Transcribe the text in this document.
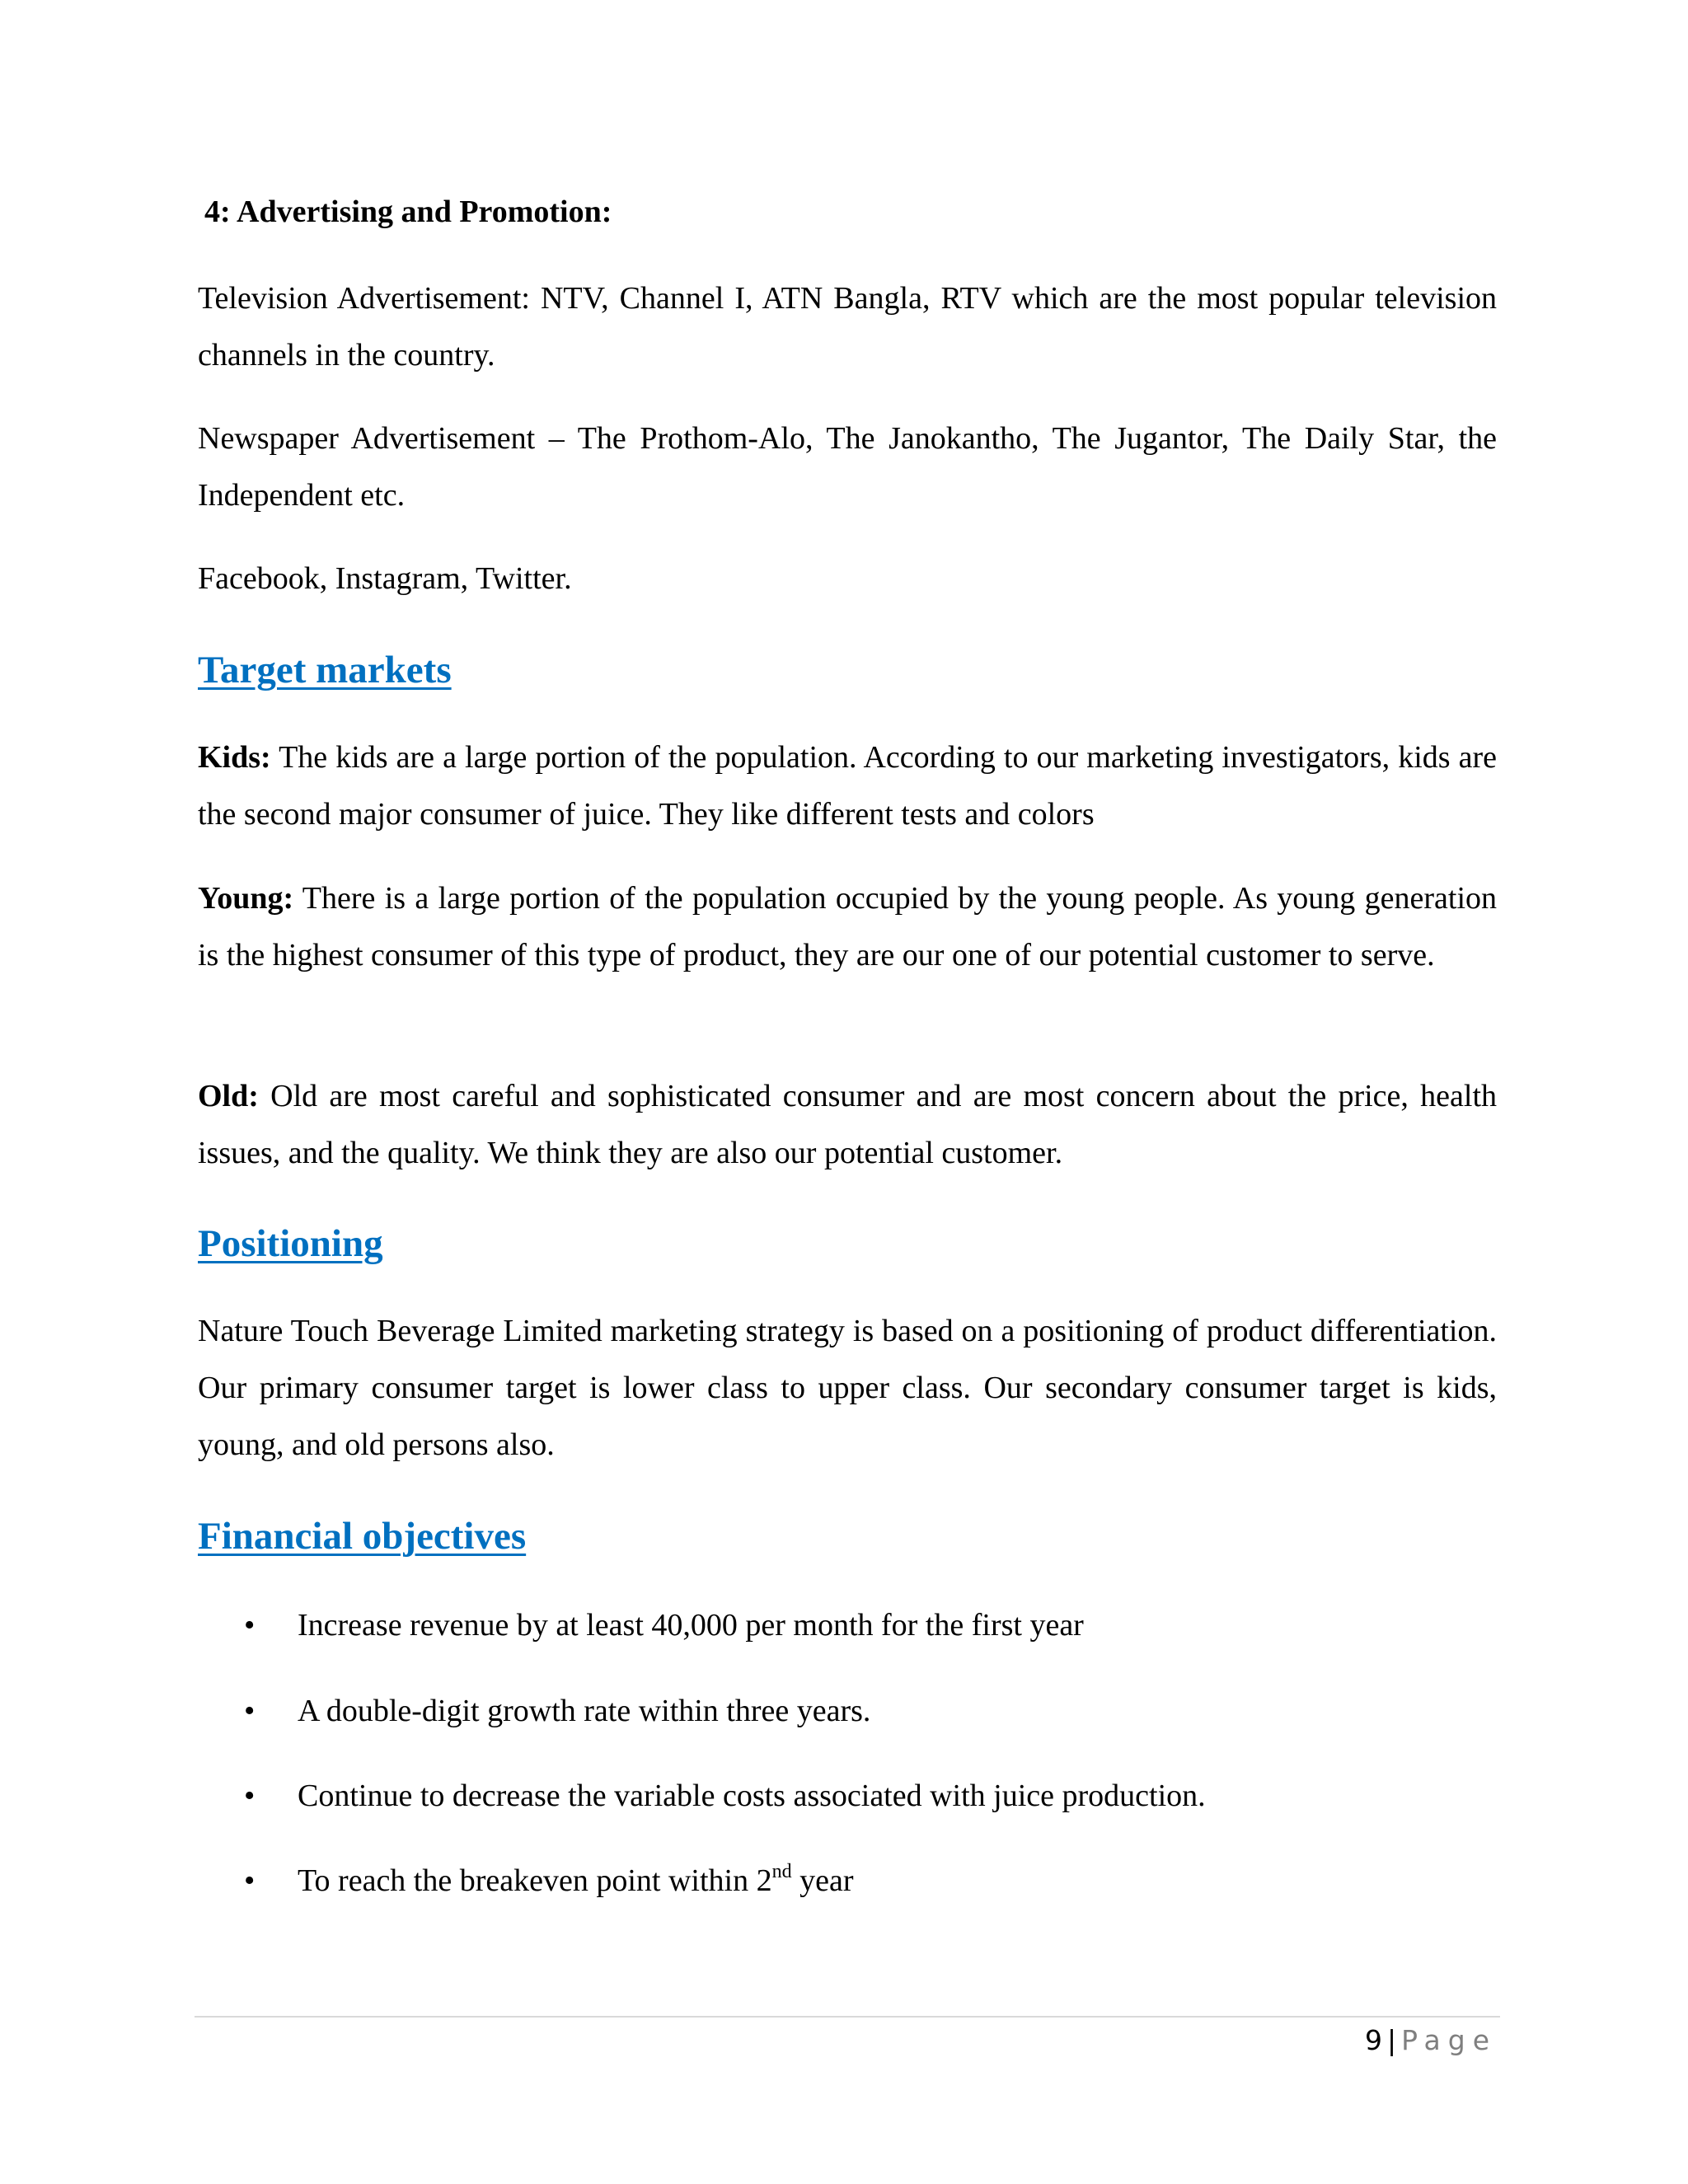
4: Advertising and Promotion:

Television Advertisement: NTV, Channel I, ATN Bangla, RTV which are the most popular television channels in the country.

Newspaper Advertisement – The Prothom-Alo, The Janokantho, The Jugantor, The Daily Star, the Independent etc.

Facebook, Instagram, Twitter.

Target markets

Kids: The kids are a large portion of the population. According to our marketing investigators, kids are the second major consumer of juice. They like different tests and colors

Young: There is a large portion of the population occupied by the young people. As young generation is the highest consumer of this type of product, they are our one of our potential customer to serve.

Old: Old are most careful and sophisticated consumer and are most concern about the price, health issues, and the quality. We think they are also our potential customer.

Positioning

Nature Touch Beverage Limited marketing strategy is based on a positioning of product differentiation. Our primary consumer target is lower class to upper class. Our secondary consumer target is kids, young, and old persons also.

Financial objectives

• Increase revenue by at least 40,000 per month for the first year
• A double-digit growth rate within three years.
• Continue to decrease the variable costs associated with juice production.
• To reach the breakeven point within 2nd year
9 | Page
